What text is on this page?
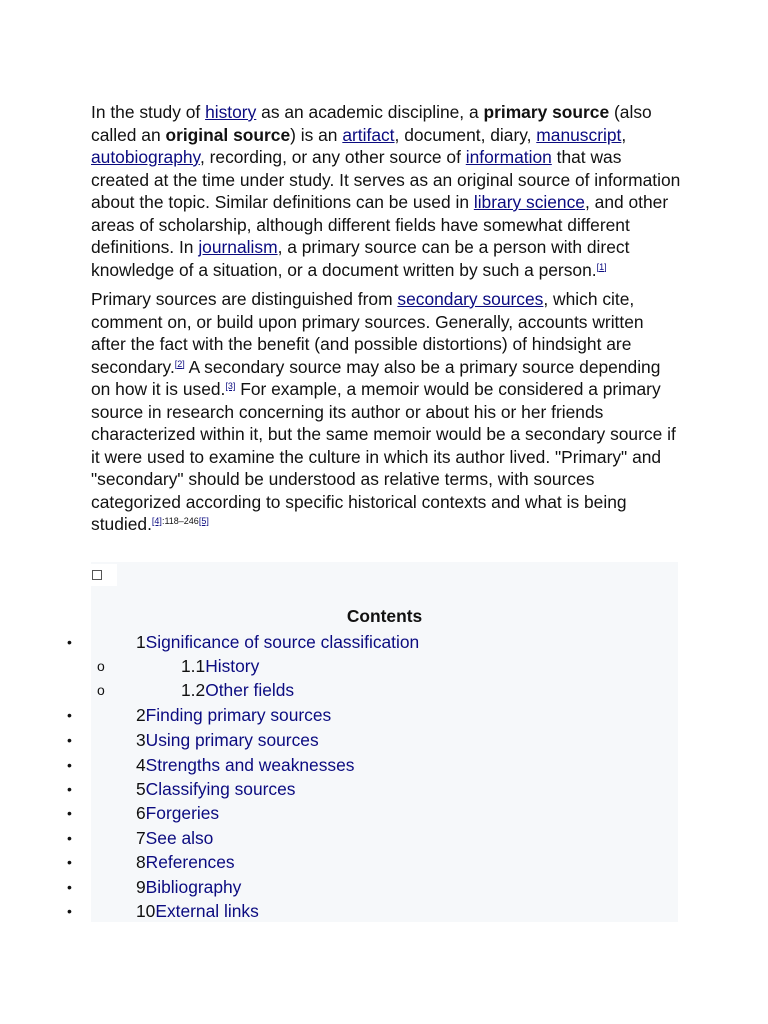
In the study of history as an academic discipline, a primary source (also called an original source) is an artifact, document, diary, manuscript, autobiography, recording, or any other source of information that was created at the time under study. It serves as an original source of information about the topic. Similar definitions can be used in library science, and other areas of scholarship, although different fields have somewhat different definitions. In journalism, a primary source can be a person with direct knowledge of a situation, or a document written by such a person.[1]

Primary sources are distinguished from secondary sources, which cite, comment on, or build upon primary sources. Generally, accounts written after the fact with the benefit (and possible distortions) of hindsight are secondary.[2] A secondary source may also be a primary source depending on how it is used.[3] For example, a memoir would be considered a primary source in research concerning its author or about his or her friends characterized within it, but the same memoir would be a secondary source if it were used to examine the culture in which its author lived. "Primary" and "secondary" should be understood as relative terms, with sources categorized according to specific historical contexts and what is being studied.[4]:118–246[5]

Contents
•	1Significance of source classification
o	1.1History
o	1.2Other fields
•	2Finding primary sources
•	3Using primary sources
•	4Strengths and weaknesses
•	5Classifying sources
•	6Forgeries
•	7See also
•	8References
•	9Bibliography
•	10External links
